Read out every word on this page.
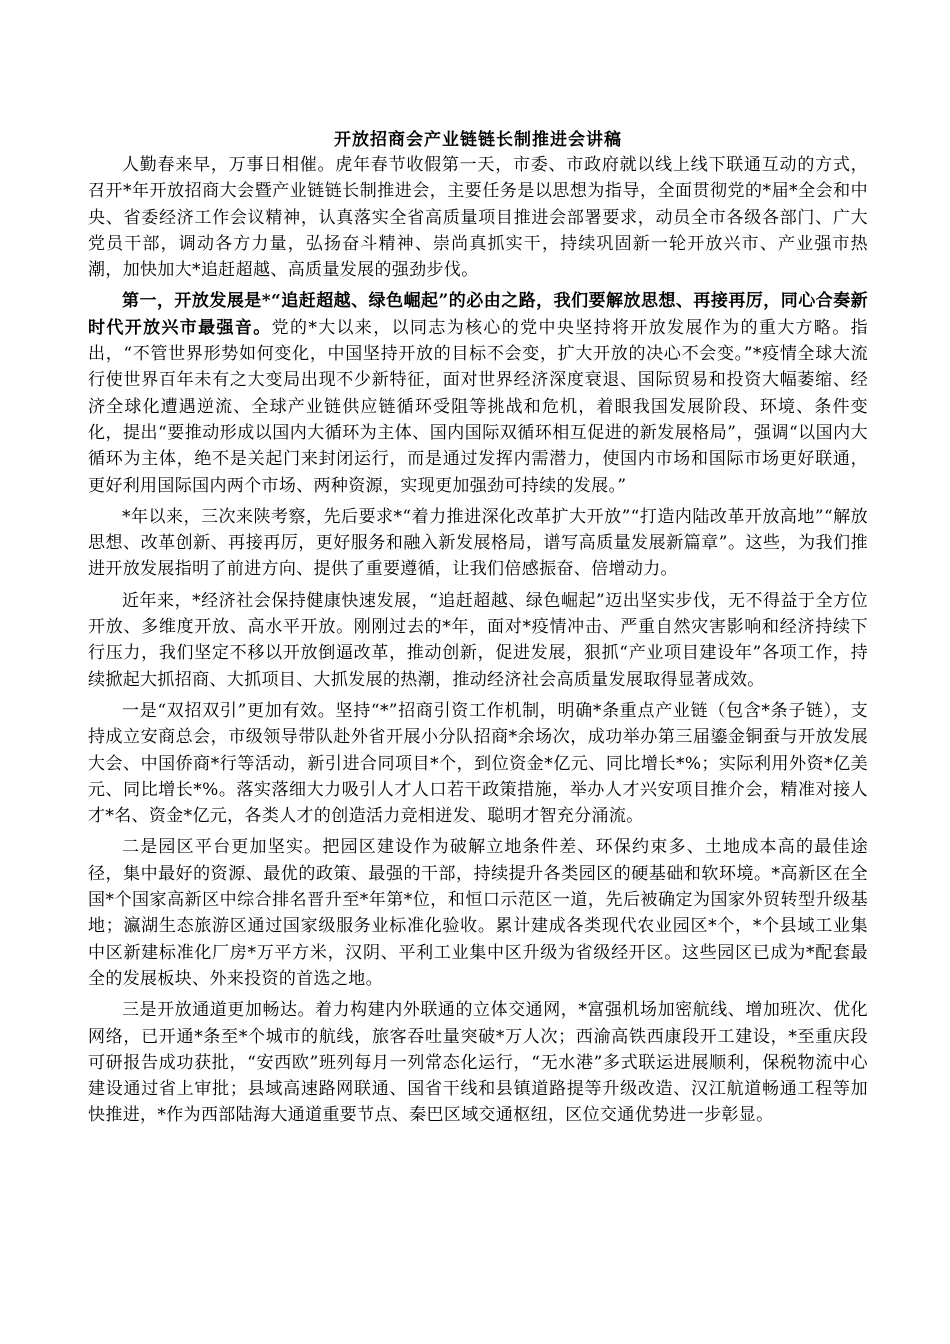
开放招商会产业链链长制推进会讲稿

人勤春来早，万事日相催。虎年春节收假第一天，市委、市政府就以线上线下联通互动的方式，召开*年开放招商大会暨产业链链长制推进会，主要任务是以思想为指导，全面贯彻党的*届*全会和中央、省委经济工作会议精神，认真落实全省高质量项目推进会部署要求，动员全市各级各部门、广大党员干部，调动各方力量，弘扬奋斗精神、崇尚真抓实干，持续巩固新一轮开放兴市、产业强市热潮，加快加大*追赶超越、高质量发展的强劲步伐。

第一，开放发展是*“追赶超越、绿色崛起”的必由之路，我们要解放思想、再接再厉，同心合奏新时代开放兴市最强音。党的*大以来，以同志为核心的党中央坚持将开放发展作为的重大方略。指出，“不管世界形势如何变化，中国坚持开放的目标不会变，扩大开放的决心不会变。”*疫情全球大流行使世界百年未有之大变局出现不少新特征，面对世界经济深度衰退、国际贸易和投资大幅萎缩、经济全球化遭遇逆流、全球产业链供应链循环受阻等挑战和危机，着眼我国发展阶段、环境、条件变化，提出“要推动形成以国内大循环为主体、国内国际双循环相互促进的新发展格局”，强调“以国内大循环为主体，绝不是关起门来封闭运行，而是通过发挥内需潜力，使国内市场和国际市场更好联通，更好利用国际国内两个市场、两种资源，实现更加强劲可持续的发展。”

*年以来，三次来陕考察，先后要求*“着力推进深化改革扩大开放”“打造内陆改革开放高地”“解放思想、改革创新、再接再厉，更好服务和融入新发展格局，谱写高质量发展新篇章”。这些，为我们推进开放发展指明了前进方向、提供了重要遵循，让我们倍感振奋、倍增动力。

近年来，*经济社会保持健康快速发展，“追赶超越、绿色崛起”迈出坚实步伐，无不得益于全方位开放、多维度开放、高水平开放。刚刚过去的*年，面对*疫情冲击、严重自然灾害影响和经济持续下行压力，我们坚定不移以开放倒逼改革，推动创新，促进发展，狠抓“产业项目建设年”各项工作，持续掀起大抓招商、大抓项目、大抓发展的热潮，推动经济社会高质量发展取得显著成效。

一是“双招双引”更加有效。坚持“*”招商引资工作机制，明确*条重点产业链（包含*条子链），支持成立安商总会，市级领导带队赴外省开展小分队招商*余场次，成功举办第三届鎏金铜蚕与开放发展大会、中国侨商*行等活动，新引进合同项目*个，到位资金*亿元、同比增长*%；实际利用外资*亿美元、同比增长*%。落实落细大力吸引人才人口若干政策措施，举办人才兴安项目推介会，精准对接人才*名、资金*亿元，各类人才的创造活力竞相迸发、聪明才智充分涌流。

二是园区平台更加坚实。把园区建设作为破解立地条件差、环保约束多、土地成本高的最佳途径，集中最好的资源、最优的政策、最强的干部，持续提升各类园区的硬基础和软环境。*高新区在全国*个国家高新区中综合排名晋升至*年第*位，和恒口示范区一道，先后被确定为国家外贸转型升级基地；瀛湖生态旅游区通过国家级服务业标准化验收。累计建成各类现代农业园区*个，*个县域工业集中区新建标准化厂房*万平方米，汉阴、平利工业集中区升级为省级经开区。这些园区已成为*配套最全的发展板块、外来投资的首选之地。

三是开放通道更加畅达。着力构建内外联通的立体交通网，*富强机场加密航线、增加班次、优化网络，已开通*条至*个城市的航线，旅客吞吐量突破*万人次；西渝高铁西康段开工建设，*至重庆段可研报告成功获批，“安西欧”班列每月一列常态化运行，“无水港”多式联运进展顺利，保税物流中心建设通过省上审批；县域高速路网联通、国省干线和县镇道路提等升级改造、汉江航道畅通工程等加快推进，*作为西部陆海大通道重要节点、秦巴区域交通枢纽，区位交通优势进一步彰显。
